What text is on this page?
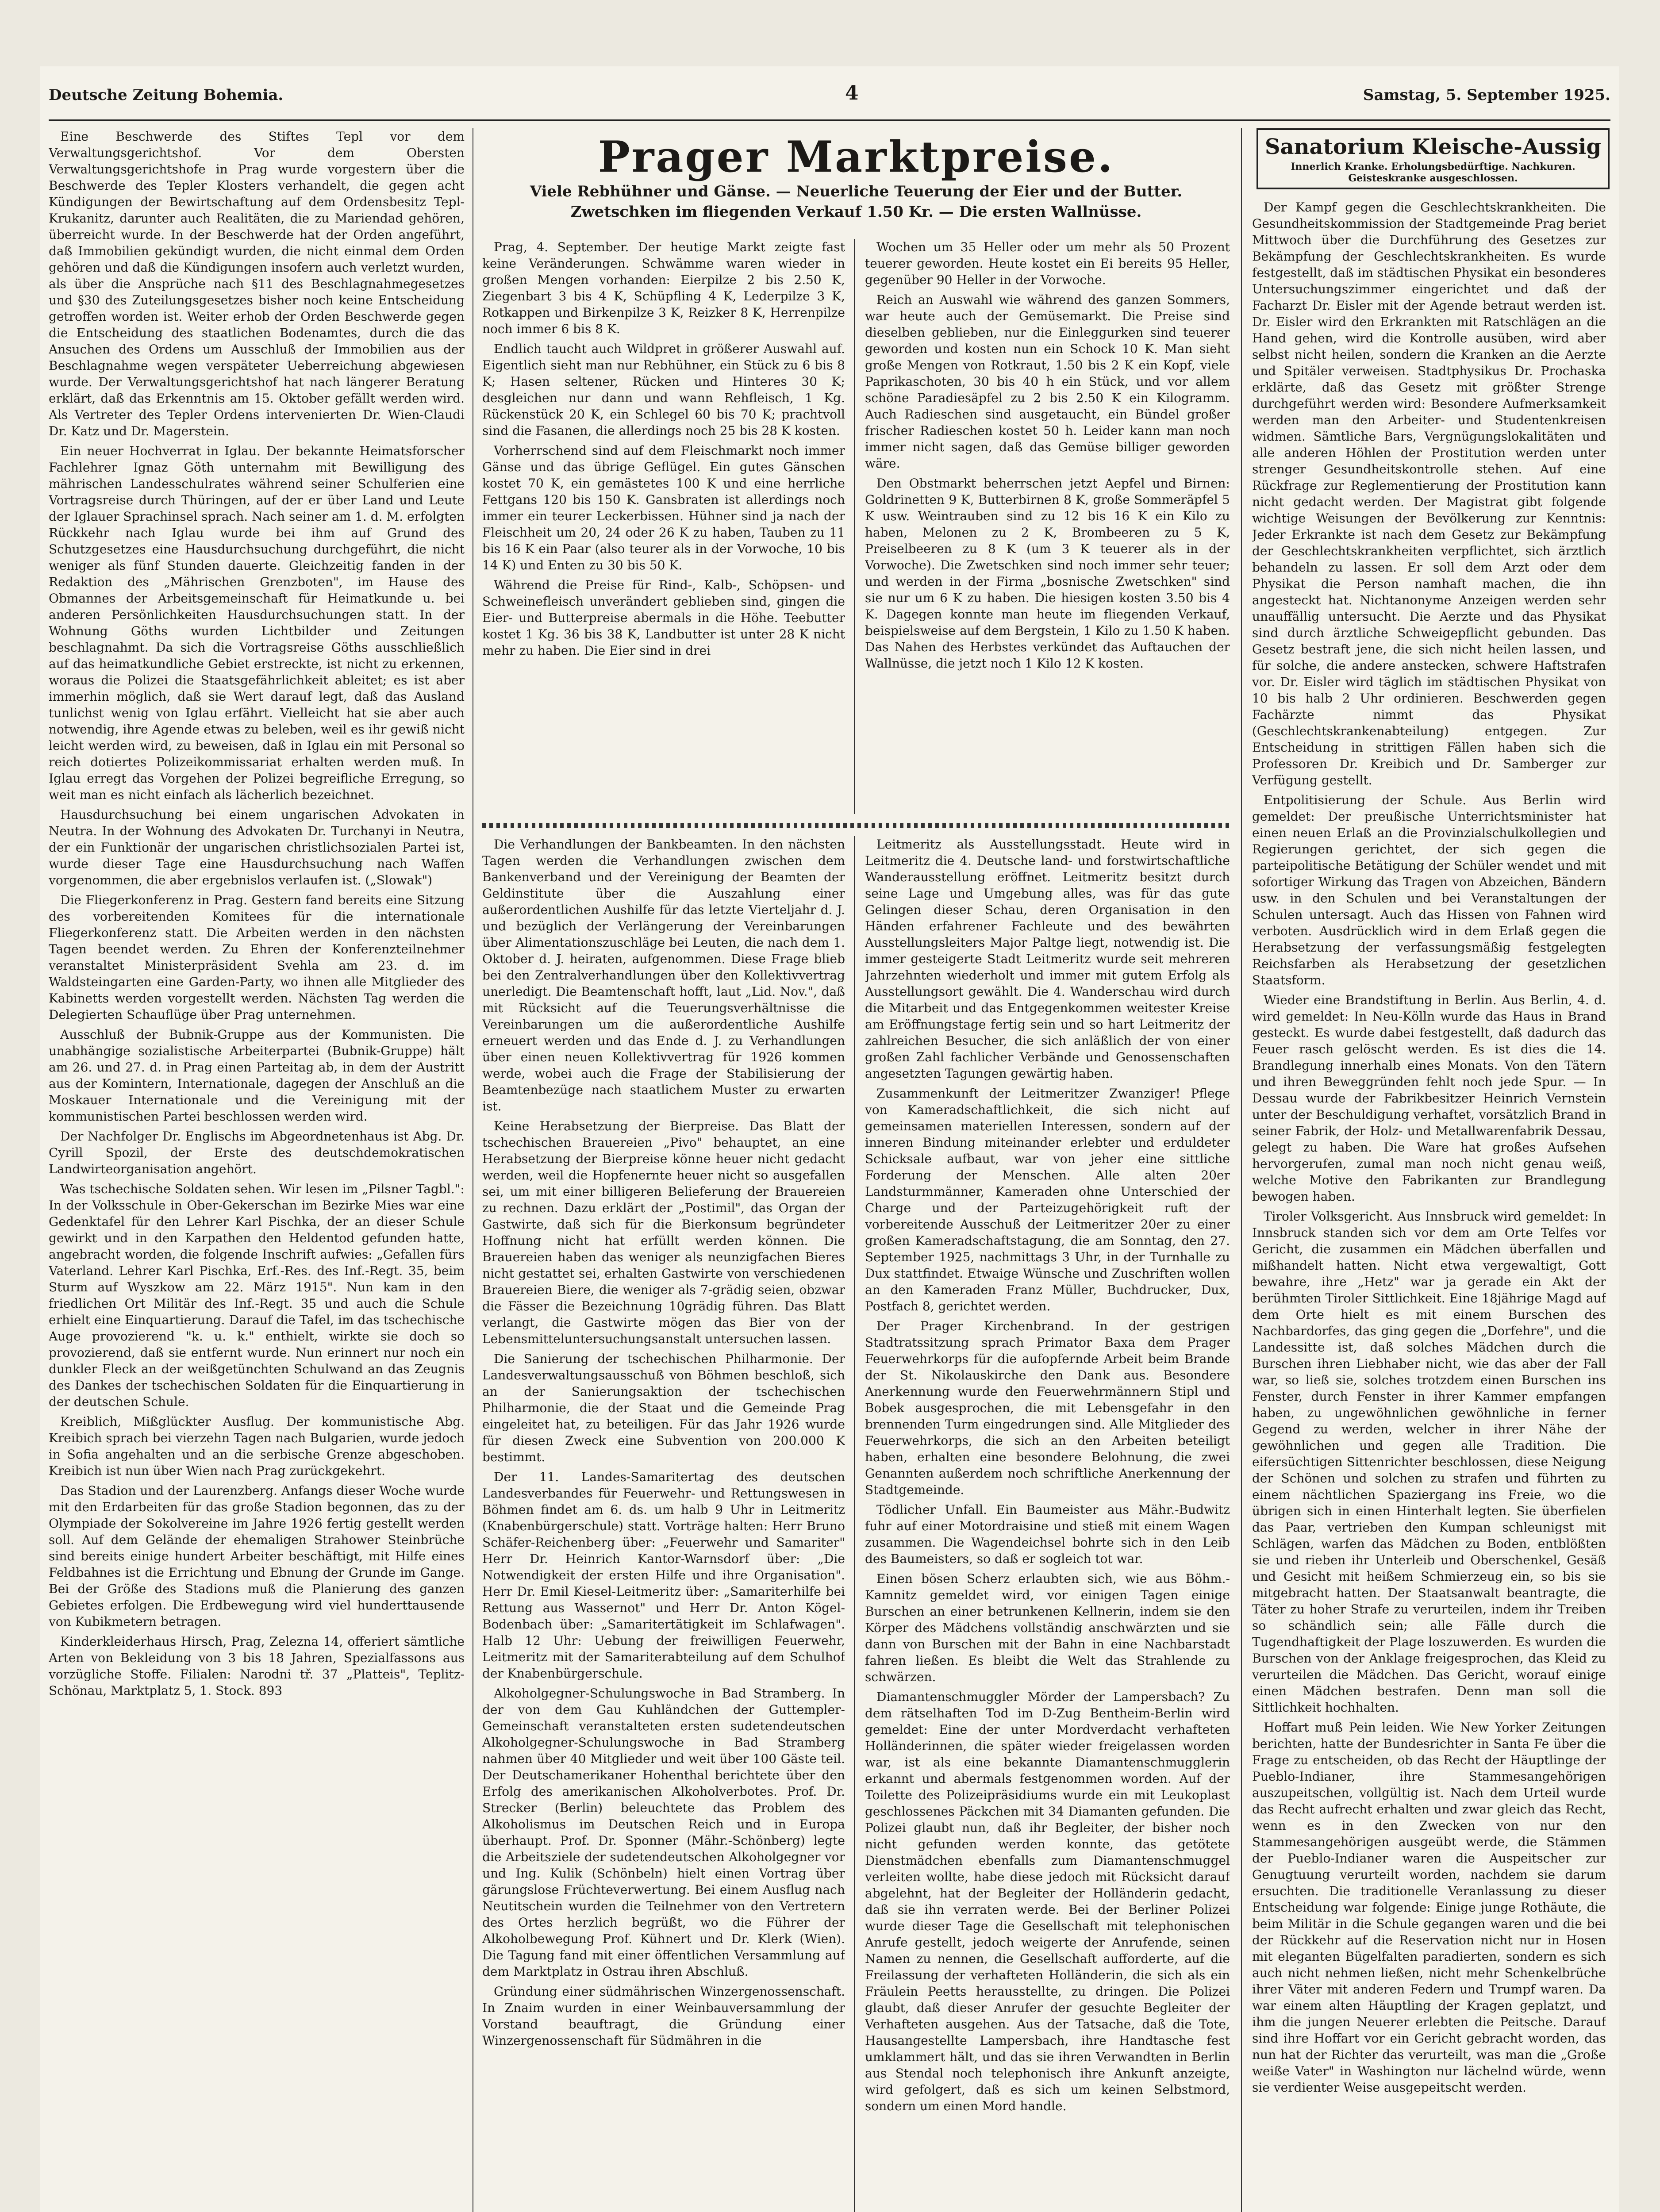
Deutsche Zeitung Bohemia.	4	Samstag, 5. September 1925.
Prager Marktpreise.
Viele Rebhühner und Gänse. — Neuerliche Teuerung der Eier und der Butter.
Zwetschken im fliegenden Verkauf 1.50 Kr. — Die ersten Wallnüsse.
Sanatorium Kleische-Aussig
Innerlich Kranke. Erholungsbedürftige. Nachkuren. Geisteskranke ausgeschlossen.

Eine Beschwerde des Stiftes Tepl vor dem Verwaltungsgerichtshof. Vor dem Obersten Verwaltungsgerichtshofe in Prag wurde vorgestern über die Beschwerde des Tepler Klosters verhandelt, die gegen acht Kündigungen der Bewirtschaftung auf dem Ordensbesitz Tepl-Krukanitz, darunter auch Realitäten, die zu Mariendad gehören, überreicht wurde. In der Beschwerde hat der Orden angeführt, daß Immobilien gekündigt wurden, die nicht einmal dem Orden gehören und daß die Kündigungen insofern auch verletzt wurden, als über die Ansprüche nach §11 des Beschlagnahmegesetzes und §30 des Zuteilungsgesetzes bisher noch keine Entscheidung getroffen worden ist. Weiter erhob der Orden Beschwerde gegen die Entscheidung des staatlichen Bodenamtes, durch die das Ansuchen des Ordens um Ausschluß der Immobilien aus der Beschlagnahme wegen verspäteter Ueberreichung abgewiesen wurde. Der Verwaltungsgerichtshof hat nach längerer Beratung erklärt, daß das Erkenntnis am 15. Oktober gefällt werden wird. Als Vertreter des Tepler Ordens intervenierten Dr. Wien-Claudi Dr. Katz und Dr. Magerstein.

Ein neuer Hochverrat in Iglau. Der bekannte Heimatsforscher Fachlehrer Ignaz Göth unternahm mit Bewilligung des mährischen Landesschulrates während seiner Schulferien eine Vortragsreise durch Thüringen, auf der er über Land und Leute der Iglauer Sprachinsel sprach. Nach seiner am 1. d. M. erfolgten Rückkehr nach Iglau wurde bei ihm auf Grund des Schutzgesetzes eine Hausdurchsuchung durchgeführt, die nicht weniger als fünf Stunden dauerte. Gleichzeitig fanden in der Redaktion des „Mährischen Grenzboten", im Hause des Obmannes der Arbeitsgemeinschaft für Heimatkunde u. bei anderen Persönlichkeiten Hausdurchsuchungen statt. In der Wohnung Göths wurden Lichtbilder und Zeitungen beschlagnahmt. Da sich die Vortragsreise Göths ausschließlich auf das heimatkundliche Gebiet erstreckte, ist nicht zu erkennen, woraus die Polizei die Staatsgefährlichkeit ableitet; es ist aber immerhin möglich, daß sie Wert darauf legt, daß das Ausland tunlichst wenig von Iglau erfährt. Vielleicht hat sie aber auch notwendig, ihre Agende etwas zu beleben, weil es ihr gewiß nicht leicht werden wird, zu beweisen, daß in Iglau ein mit Personal so reich dotiertes Polizeikommissariat erhalten werden muß. In Iglau erregt das Vorgehen der Polizei begreifliche Erregung, so weit man es nicht einfach als lächerlich bezeichnet.

Hausdurchsuchung bei einem ungarischen Advokaten in Neutra. In der Wohnung des Advokaten Dr. Turchanyi in Neutra, der ein Funktionär der ungarischen christlichsozialen Partei ist, wurde dieser Tage eine Hausdurchsuchung nach Waffen vorgenommen, die aber ergebnislos verlaufen ist. („Slowak")

Die Fliegerkonferenz in Prag. Gestern fand bereits eine Sitzung des vorbereitenden Komitees für die internationale Fliegerkonferenz statt. Die Arbeiten werden in den nächsten Tagen beendet werden. Zu Ehren der Konferenzteilnehmer veranstaltet Ministerpräsident Svehla am 23. d. im Waldsteingarten eine Garden-Party, wo ihnen alle Mitglieder des Kabinetts werden vorgestellt werden. Nächsten Tag werden die Delegierten Schauflüge über Prag unternehmen.

Ausschluß der Bubnik-Gruppe aus der Kommunisten. Die unabhängige sozialistische Arbeiterpartei (Bubnik-Gruppe) hält am 26. und 27. d. in Prag einen Parteitag ab, in dem der Austritt aus der Komintern, Internationale, dagegen der Anschluß an die Moskauer Internationale und die Vereinigung mit der kommunistischen Partei beschlossen werden wird.

Der Nachfolger Dr. Englischs im Abgeordnetenhaus ist Abg. Dr. Cyrill Spozil, der Erste des deutschdemokratischen Landwirteorganisation angehört.

Was tschechische Soldaten sehen. Wir lesen im „Pilsner Tagbl.": In der Volksschule in Ober-Gekerschan im Bezirke Mies war eine Gedenktafel für den Lehrer Karl Pischka, der an dieser Schule gewirkt und in den Karpathen den Heldentod gefunden hatte, angebracht worden, die folgende Inschrift aufwies: „Gefallen fürs Vaterland. Lehrer Karl Pischka, Erf.-Res. des Inf.-Regt. 35, beim Sturm auf Wyszkow am 22. März 1915". Nun kam in den friedlichen Ort Militär des Inf.-Regt. 35 und auch die Schule erhielt eine Einquartierung. Darauf die Tafel, im das tschechische Auge provozierend "k. u. k." enthielt, wirkte sie doch so provozierend, daß sie entfernt wurde. Nun erinnert nur noch ein dunkler Fleck an der weißgetünchten Schulwand an das Zeugnis des Dankes der tschechischen Soldaten für die Einquartierung in der deutschen Schule.

Kreiblich, Mißglückter Ausflug. Der kommunistische Abg. Kreibich sprach bei vierzehn Tagen nach Bulgarien, wurde jedoch in Sofia angehalten und an die serbische Grenze abgeschoben. Kreibich ist nun über Wien nach Prag zurückgekehrt.

Das Stadion und der Laurenzberg. Anfangs dieser Woche wurde mit den Erdarbeiten für das große Stadion begonnen, das zu der Olympiade der Sokolvereine im Jahre 1926 fertig gestellt werden soll. Auf dem Gelände der ehemaligen Strahower Steinbrüche sind bereits einige hundert Arbeiter beschäftigt, mit Hilfe eines Feldbahnes ist die Errichtung und Ebnung der Grunde im Gange. Bei der Größe des Stadions muß die Planierung des ganzen Gebietes erfolgen. Die Erdbewegung wird viel hunderttausende von Kubikmetern betragen.

Kinderkleiderhaus Hirsch, Prag, Zelezna 14, offeriert sämtliche Arten von Bekleidung von 3 bis 18 Jahren, Spezialfassons aus vorzügliche Stoffe. Filialen: Narodni tř. 37 „Platteis", Teplitz-Schönau, Marktplatz 5, 1. Stock. 893

Prag, 4. September. Der heutige Markt zeigte fast keine Veränderungen. Schwämme waren wieder in großen Mengen vorhanden: Eierpilze 2 bis 2.50 K, Ziegenbart 3 bis 4 K, Schüpfling 4 K, Lederpilze 3 K, Rotkappen und Birkenpilze 3 K, Reizker 8 K, Herrenpilze noch immer 6 bis 8 K.

Endlich taucht auch Wildpret in größerer Auswahl auf. Eigentlich sieht man nur Rebhühner, ein Stück zu 6 bis 8 K; Hasen seltener, Rücken und Hinteres 30 K; desgleichen nur dann und wann Rehfleisch, 1 Kg. Rückenstück 20 K, ein Schlegel 60 bis 70 K; prachtvoll sind die Fasanen, die allerdings noch 25 bis 28 K kosten.

Vorherrschend sind auf dem Fleischmarkt noch immer Gänse und das übrige Geflügel. Ein gutes Gänschen kostet 70 K, ein gemästetes 100 K und eine herrliche Fettgans 120 bis 150 K. Gansbraten ist allerdings noch immer ein teurer Leckerbissen. Hühner sind ja nach der Fleischheit um 20, 24 oder 26 K zu haben, Tauben zu 11 bis 16 K ein Paar (also teurer als in der Vorwoche, 10 bis 14 K) und Enten zu 30 bis 50 K.

Während die Preise für Rind-, Kalb-, Schöpsen- und Schweinefleisch unverändert geblieben sind, gingen die Eier- und Butterpreise abermals in die Höhe. Teebutter kostet 1 Kg. 36 bis 38 K, Landbutter ist unter 28 K nicht mehr zu haben. Die Eier sind in drei

Wochen um 35 Heller oder um mehr als 50 Prozent teuerer geworden. Heute kostet ein Ei bereits 95 Heller, gegenüber 90 Heller in der Vorwoche.

Reich an Auswahl wie während des ganzen Sommers, war heute auch der Gemüsemarkt. Die Preise sind dieselben geblieben, nur die Einleggurken sind teuerer geworden und kosten nun ein Schock 10 K. Man sieht große Mengen von Rotkraut, 1.50 bis 2 K ein Kopf, viele Paprikaschoten, 30 bis 40 h ein Stück, und vor allem schöne Paradiesäpfel zu 2 bis 2.50 K ein Kilogramm. Auch Radieschen sind ausgetaucht, ein Bündel großer frischer Radieschen kostet 50 h. Leider kann man noch immer nicht sagen, daß das Gemüse billiger geworden wäre.

Den Obstmarkt beherrschen jetzt Aepfel und Birnen: Goldrinetten 9 K, Butterbirnen 8 K, große Sommeräpfel 5 K usw. Weintrauben sind zu 12 bis 16 K ein Kilo zu haben, Melonen zu 2 K, Brombeeren zu 5 K, Preiselbeeren zu 8 K (um 3 K teuerer als in der Vorwoche). Die Zwetschken sind noch immer sehr teuer; und werden in der Firma „bosnische Zwetschken" sind sie nur um 6 K zu haben. Die hiesigen kosten 3.50 bis 4 K. Dagegen konnte man heute im fliegenden Verkauf, beispielsweise auf dem Bergstein, 1 Kilo zu 1.50 K haben. Das Nahen des Herbstes verkündet das Auftauchen der Wallnüsse, die jetzt noch 1 Kilo 12 K kosten.

Die Verhandlungen der Bankbeamten. In den nächsten Tagen werden die Verhandlungen zwischen dem Bankenverband und der Vereinigung der Beamten der Geldinstitute über die Auszahlung einer außerordentlichen Aushilfe für das letzte Vierteljahr d. J. und bezüglich der Verlängerung der Vereinbarungen über Alimentationszuschläge bei Leuten, die nach dem 1. Oktober d. J. heiraten, aufgenommen. Diese Frage blieb bei den Zentralverhandlungen über den Kollektivvertrag unerledigt. Die Beamtenschaft hofft, laut „Lid. Nov.", daß mit Rücksicht auf die Teuerungsverhältnisse die Vereinbarungen um die außerordentliche Aushilfe erneuert werden und das Ende d. J. zu Verhandlungen über einen neuen Kollektivvertrag für 1926 kommen werde, wobei auch die Frage der Stabilisierung der Beamtenbezüge nach staatlichem Muster zu erwarten ist.

Keine Herabsetzung der Bierpreise. Das Blatt der tschechischen Brauereien „Pivo" behauptet, an eine Herabsetzung der Bierpreise könne heuer nicht gedacht werden, weil die Hopfenernte heuer nicht so ausgefallen sei, um mit einer billigeren Belieferung der Brauereien zu rechnen. Dazu erklärt der „Postimil", das Organ der Gastwirte, daß sich für die Bierkonsum begründeter Hoffnung nicht hat erfüllt werden können. Die Brauereien haben das weniger als neunzigfachen Bieres nicht gestattet sei, erhalten Gastwirte von verschiedenen Brauereien Biere, die weniger als 7-grädig seien, obzwar die Fässer die Bezeichnung 10grädig führen. Das Blatt verlangt, die Gastwirte mögen das Bier von der Lebensmitteluntersuchungsanstalt untersuchen lassen.

Die Sanierung der tschechischen Philharmonie. Der Landesverwaltungsausschuß von Böhmen beschloß, sich an der Sanierungsaktion der tschechischen Philharmonie, die der Staat und die Gemeinde Prag eingeleitet hat, zu beteiligen. Für das Jahr 1926 wurde für diesen Zweck eine Subvention von 200.000 K bestimmt.

Der 11. Landes-Samaritertag des deutschen Landesverbandes für Feuerwehr- und Rettungswesen in Böhmen findet am 6. ds. um halb 9 Uhr in Leitmeritz (Knabenbürgerschule) statt. Vorträge halten: Herr Bruno Schäfer-Reichenberg über: „Feuerwehr und Samariter" Herr Dr. Heinrich Kantor-Warnsdorf über: „Die Notwendigkeit der ersten Hilfe und ihre Organisation". Herr Dr. Emil Kiesel-Leitmeritz über: „Samariterhilfe bei Rettung aus Wassernot" und Herr Dr. Anton Kögel-Bodenbach über: „Samaritertätigkeit im Schlafwagen". Halb 12 Uhr: Uebung der freiwilligen Feuerwehr, Leitmeritz mit der Samariterabteilung auf dem Schulhof der Knabenbürgerschule.

Alkoholgegner-Schulungswoche in Bad Stramberg. In der von dem Gau Kuhländchen der Guttempler-Gemeinschaft veranstalteten ersten sudetendeutschen Alkoholgegner-Schulungswoche in Bad Stramberg nahmen über 40 Mitglieder und weit über 100 Gäste teil. Der Deutschamerikaner Hohenthal berichtete über den Erfolg des amerikanischen Alkoholverbotes. Prof. Dr. Strecker (Berlin) beleuchtete das Problem des Alkoholismus im Deutschen Reich und in Europa überhaupt. Prof. Dr. Sponner (Mähr.-Schönberg) legte die Arbeitsziele der sudetendeutschen Alkoholgegner vor und Ing. Kulik (Schönbeln) hielt einen Vortrag über gärungslose Früchteverwertung. Bei einem Ausflug nach Neutitschein wurden die Teilnehmer von den Vertretern des Ortes herzlich begrüßt, wo die Führer der Alkoholbewegung Prof. Kühnert und Dr. Klerk (Wien). Die Tagung fand mit einer öffentlichen Versammlung auf dem Marktplatz in Ostrau ihren Abschluß.

Gründung einer südmährischen Winzergenossenschaft. In Znaim wurden in einer Weinbauversammlung der Vorstand beauftragt, die Gründung einer Winzergenossenschaft für Südmähren in die

Leitmeritz als Ausstellungsstadt. Heute wird in Leitmeritz die 4. Deutsche land- und forstwirtschaftliche Wanderausstellung eröffnet. Leitmeritz besitzt durch seine Lage und Umgebung alles, was für das gute Gelingen dieser Schau, deren Organisation in den Händen erfahrener Fachleute und des bewährten Ausstellungsleiters Major Paltge liegt, notwendig ist. Die immer gesteigerte Stadt Leitmeritz wurde seit mehreren Jahrzehnten wiederholt und immer mit gutem Erfolg als Ausstellungsort gewählt. Die 4. Wanderschau wird durch die Mitarbeit und das Entgegenkommen weitester Kreise am Eröffnungstage fertig sein und so hart Leitmeritz der zahlreichen Besucher, die sich anläßlich der von einer großen Zahl fachlicher Verbände und Genossenschaften angesetzten Tagungen gewärtig haben.

Zusammenkunft der Leitmeritzer Zwanziger! Pflege von Kameradschaftlichkeit, die sich nicht auf gemeinsamen materiellen Interessen, sondern auf der inneren Bindung miteinander erlebter und erduldeter Schicksale aufbaut, war von jeher eine sittliche Forderung der Menschen. Alle alten 20er Landsturmmänner, Kameraden ohne Unterschied der Charge und der Parteizugehörigkeit ruft der vorbereitende Ausschuß der Leitmeritzer 20er zu einer großen Kameradschaftstagung, die am Sonntag, den 27. September 1925, nachmittags 3 Uhr, in der Turnhalle zu Dux stattfindet. Etwaige Wünsche und Zuschriften wollen an den Kameraden Franz Müller, Buchdrucker, Dux, Postfach 8, gerichtet werden.

Der Prager Kirchenbrand. In der gestrigen Stadtratssitzung sprach Primator Baxa dem Prager Feuerwehrkorps für die aufopfernde Arbeit beim Brande der St. Nikolauskirche den Dank aus. Besondere Anerkennung wurde den Feuerwehrmännern Stipl und Bobek ausgesprochen, die mit Lebensgefahr in den brennenden Turm eingedrungen sind. Alle Mitglieder des Feuerwehrkorps, die sich an den Arbeiten beteiligt haben, erhalten eine besondere Belohnung, die zwei Genannten außerdem noch schriftliche Anerkennung der Stadtgemeinde.

Tödlicher Unfall. Ein Baumeister aus Mähr.-Budwitz fuhr auf einer Motordraisine und stieß mit einem Wagen zusammen. Die Wagendeichsel bohrte sich in den Leib des Baumeisters, so daß er sogleich tot war.

Einen bösen Scherz erlaubten sich, wie aus Böhm.-Kamnitz gemeldet wird, vor einigen Tagen einige Burschen an einer betrunkenen Kellnerin, indem sie den Körper des Mädchens vollständig anschwärzten und sie dann von Burschen mit der Bahn in eine Nachbarstadt fahren ließen. Es bleibt die Welt das Strahlende zu schwärzen.

Diamantenschmuggler Mörder der Lampersbach? Zu dem rätselhaften Tod im D-Zug Bentheim-Berlin wird gemeldet: Eine der unter Mordverdacht verhafteten Holländerinnen, die später wieder freigelassen worden war, ist als eine bekannte Diamantenschmugglerin erkannt und abermals festgenommen worden. Auf der Toilette des Polizeipräsidiums wurde ein mit Leukoplast geschlossenes Päckchen mit 34 Diamanten gefunden. Die Polizei glaubt nun, daß ihr Begleiter, der bisher noch nicht gefunden werden konnte, das getötete Dienstmädchen ebenfalls zum Diamantenschmuggel verleiten wollte, habe diese jedoch mit Rücksicht darauf abgelehnt, hat der Begleiter der Holländerin gedacht, daß sie ihn verraten werde. Bei der Berliner Polizei wurde dieser Tage die Gesellschaft mit telephonischen Anrufe gestellt, jedoch weigerte der Anrufende, seinen Namen zu nennen, die Gesellschaft aufforderte, auf die Freilassung der verhafteten Holländerin, die sich als ein Fräulein Peetts herausstellte, zu dringen. Die Polizei glaubt, daß dieser Anrufer der gesuchte Begleiter der Verhafteten ausgehen. Aus der Tatsache, daß die Tote, Hausangestellte Lampersbach, ihre Handtasche fest umklammert hält, und das sie ihren Verwandten in Berlin aus Stendal noch telephonisch ihre Ankunft anzeigte, wird gefolgert, daß es sich um keinen Selbstmord, sondern um einen Mord handle.

Der Kampf gegen die Geschlechtskrankheiten. Die Gesundheitskommission der Stadtgemeinde Prag beriet Mittwoch über die Durchführung des Gesetzes zur Bekämpfung der Geschlechtskrankheiten. Es wurde festgestellt, daß im städtischen Physikat ein besonderes Untersuchungszimmer eingerichtet und daß der Facharzt Dr. Eisler mit der Agende betraut werden ist. Dr. Eisler wird den Erkrankten mit Ratschlägen an die Hand gehen, wird die Kontrolle ausüben, wird aber selbst nicht heilen, sondern die Kranken an die Aerzte und Spitäler verweisen. Stadtphysikus Dr. Prochaska erklärte, daß das Gesetz mit größter Strenge durchgeführt werden wird: Besondere Aufmerksamkeit werden man den Arbeiter- und Studentenkreisen widmen. Sämtliche Bars, Vergnügungslokalitäten und alle anderen Höhlen der Prostitution werden unter strenger Gesundheitskontrolle stehen. Auf eine Rückfrage zur Reglementierung der Prostitution kann nicht gedacht werden. Der Magistrat gibt folgende wichtige Weisungen der Bevölkerung zur Kenntnis: Jeder Erkrankte ist nach dem Gesetz zur Bekämpfung der Geschlechtskrankheiten verpflichtet, sich ärztlich behandeln zu lassen. Er soll dem Arzt oder dem Physikat die Person namhaft machen, die ihn angesteckt hat. Nichtanonyme Anzeigen werden sehr unauffällig untersucht. Die Aerzte und das Physikat sind durch ärztliche Schweigepflicht gebunden. Das Gesetz bestraft jene, die sich nicht heilen lassen, und für solche, die andere anstecken, schwere Haftstrafen vor. Dr. Eisler wird täglich im städtischen Physikat von 10 bis halb 2 Uhr ordinieren. Beschwerden gegen Fachärzte nimmt das Physikat (Geschlechtskrankenabteilung) entgegen. Zur Entscheidung in strittigen Fällen haben sich die Professoren Dr. Kreibich und Dr. Samberger zur Verfügung gestellt.

Entpolitisierung der Schule. Aus Berlin wird gemeldet: Der preußische Unterrichtsminister hat einen neuen Erlaß an die Provinzialschulkollegien und Regierungen gerichtet, der sich gegen die parteipolitische Betätigung der Schüler wendet und mit sofortiger Wirkung das Tragen von Abzeichen, Bändern usw. in den Schulen und bei Veranstaltungen der Schulen untersagt. Auch das Hissen von Fahnen wird verboten. Ausdrücklich wird in dem Erlaß gegen die Herabsetzung der verfassungsmäßig festgelegten Reichsfarben als Herabsetzung der gesetzlichen Staatsform.

Wieder eine Brandstiftung in Berlin. Aus Berlin, 4. d. wird gemeldet: In Neu-Kölln wurde das Haus in Brand gesteckt. Es wurde dabei festgestellt, daß dadurch das Feuer rasch gelöscht werden. Es ist dies die 14. Brandlegung innerhalb eines Monats. Von den Tätern und ihren Beweggründen fehlt noch jede Spur. — In Dessau wurde der Fabrikbesitzer Heinrich Vernstein unter der Beschuldigung verhaftet, vorsätzlich Brand in seiner Fabrik, der Holz- und Metallwarenfabrik Dessau, gelegt zu haben. Die Ware hat großes Aufsehen hervorgerufen, zumal man noch nicht genau weiß, welche Motive den Fabrikanten zur Brandlegung bewogen haben.

Tiroler Volksgericht. Aus Innsbruck wird gemeldet: In Innsbruck standen sich vor dem am Orte Telfes vor Gericht, die zusammen ein Mädchen überfallen und mißhandelt hatten. Nicht etwa vergewaltigt, Gott bewahre, ihre „Hetz" war ja gerade ein Akt der berühmten Tiroler Sittlichkeit. Eine 18jährige Magd auf dem Orte hielt es mit einem Burschen des Nachbardorfes, das ging gegen die „Dorfehre", und die Landessitte ist, daß solches Mädchen durch die Burschen ihren Liebhaber nicht, wie das aber der Fall war, so ließ sie, solches trotzdem einen Burschen ins Fenster, durch Fenster in ihrer Kammer empfangen haben, zu ungewöhnlichen gewöhnliche in ferner Gegend zu werden, welcher in ihrer Nähe der gewöhnlichen und gegen alle Tradition. Die eifersüchtigen Sittenrichter beschlossen, diese Neigung der Schönen und solchen zu strafen und führten zu einem nächtlichen Spaziergang ins Freie, wo die übrigen sich in einen Hinterhalt legten. Sie überfielen das Paar, vertrieben den Kumpan schleunigst mit Schlägen, warfen das Mädchen zu Boden, entblößten sie und rieben ihr Unterleib und Oberschenkel, Gesäß und Gesicht mit heißem Schmierzeug ein, so bis sie mitgebracht hatten. Der Staatsanwalt beantragte, die Täter zu hoher Strafe zu verurteilen, indem ihr Treiben so schändlich sein; alle Fälle durch die Tugendhaftigkeit der Plage loszuwerden. Es wurden die Burschen von der Anklage freigesprochen, das Kleid zu verurteilen die Mädchen. Das Gericht, worauf einige einen Mädchen bestrafen. Denn man soll die Sittlichkeit hochhalten.

Hoffart muß Pein leiden. Wie New Yorker Zeitungen berichten, hatte der Bundesrichter in Santa Fe über die Frage zu entscheiden, ob das Recht der Häuptlinge der Pueblo-Indianer, ihre Stammesangehörigen auszupeitschen, vollgültig ist. Nach dem Urteil wurde das Recht aufrecht erhalten und zwar gleich das Recht, wenn es in den Zwecken von nur den Stammesangehörigen ausgeübt werde, die Stämmen der Pueblo-Indianer waren die Auspeitscher zur Genugtuung verurteilt worden, nachdem sie darum ersuchten. Die traditionelle Veranlassung zu dieser Entscheidung war folgende: Einige junge Rothäute, die beim Militär in die Schule gegangen waren und die bei der Rückkehr auf die Reservation nicht nur in Hosen mit eleganten Bügelfalten paradierten, sondern es sich auch nicht nehmen ließen, nicht mehr Schenkelbrüche ihrer Väter mit anderen Federn und Trumpf waren. Da war einem alten Häuptling der Kragen geplatzt, und ihm die jungen Neuerer erlebten die Peitsche. Darauf sind ihre Hoffart vor ein Gericht gebracht worden, das nun hat der Richter das verurteilt, was man die „Große weiße Vater" in Washington nur lächelnd würde, wenn sie verdienter Weise ausgepeitscht werden.
